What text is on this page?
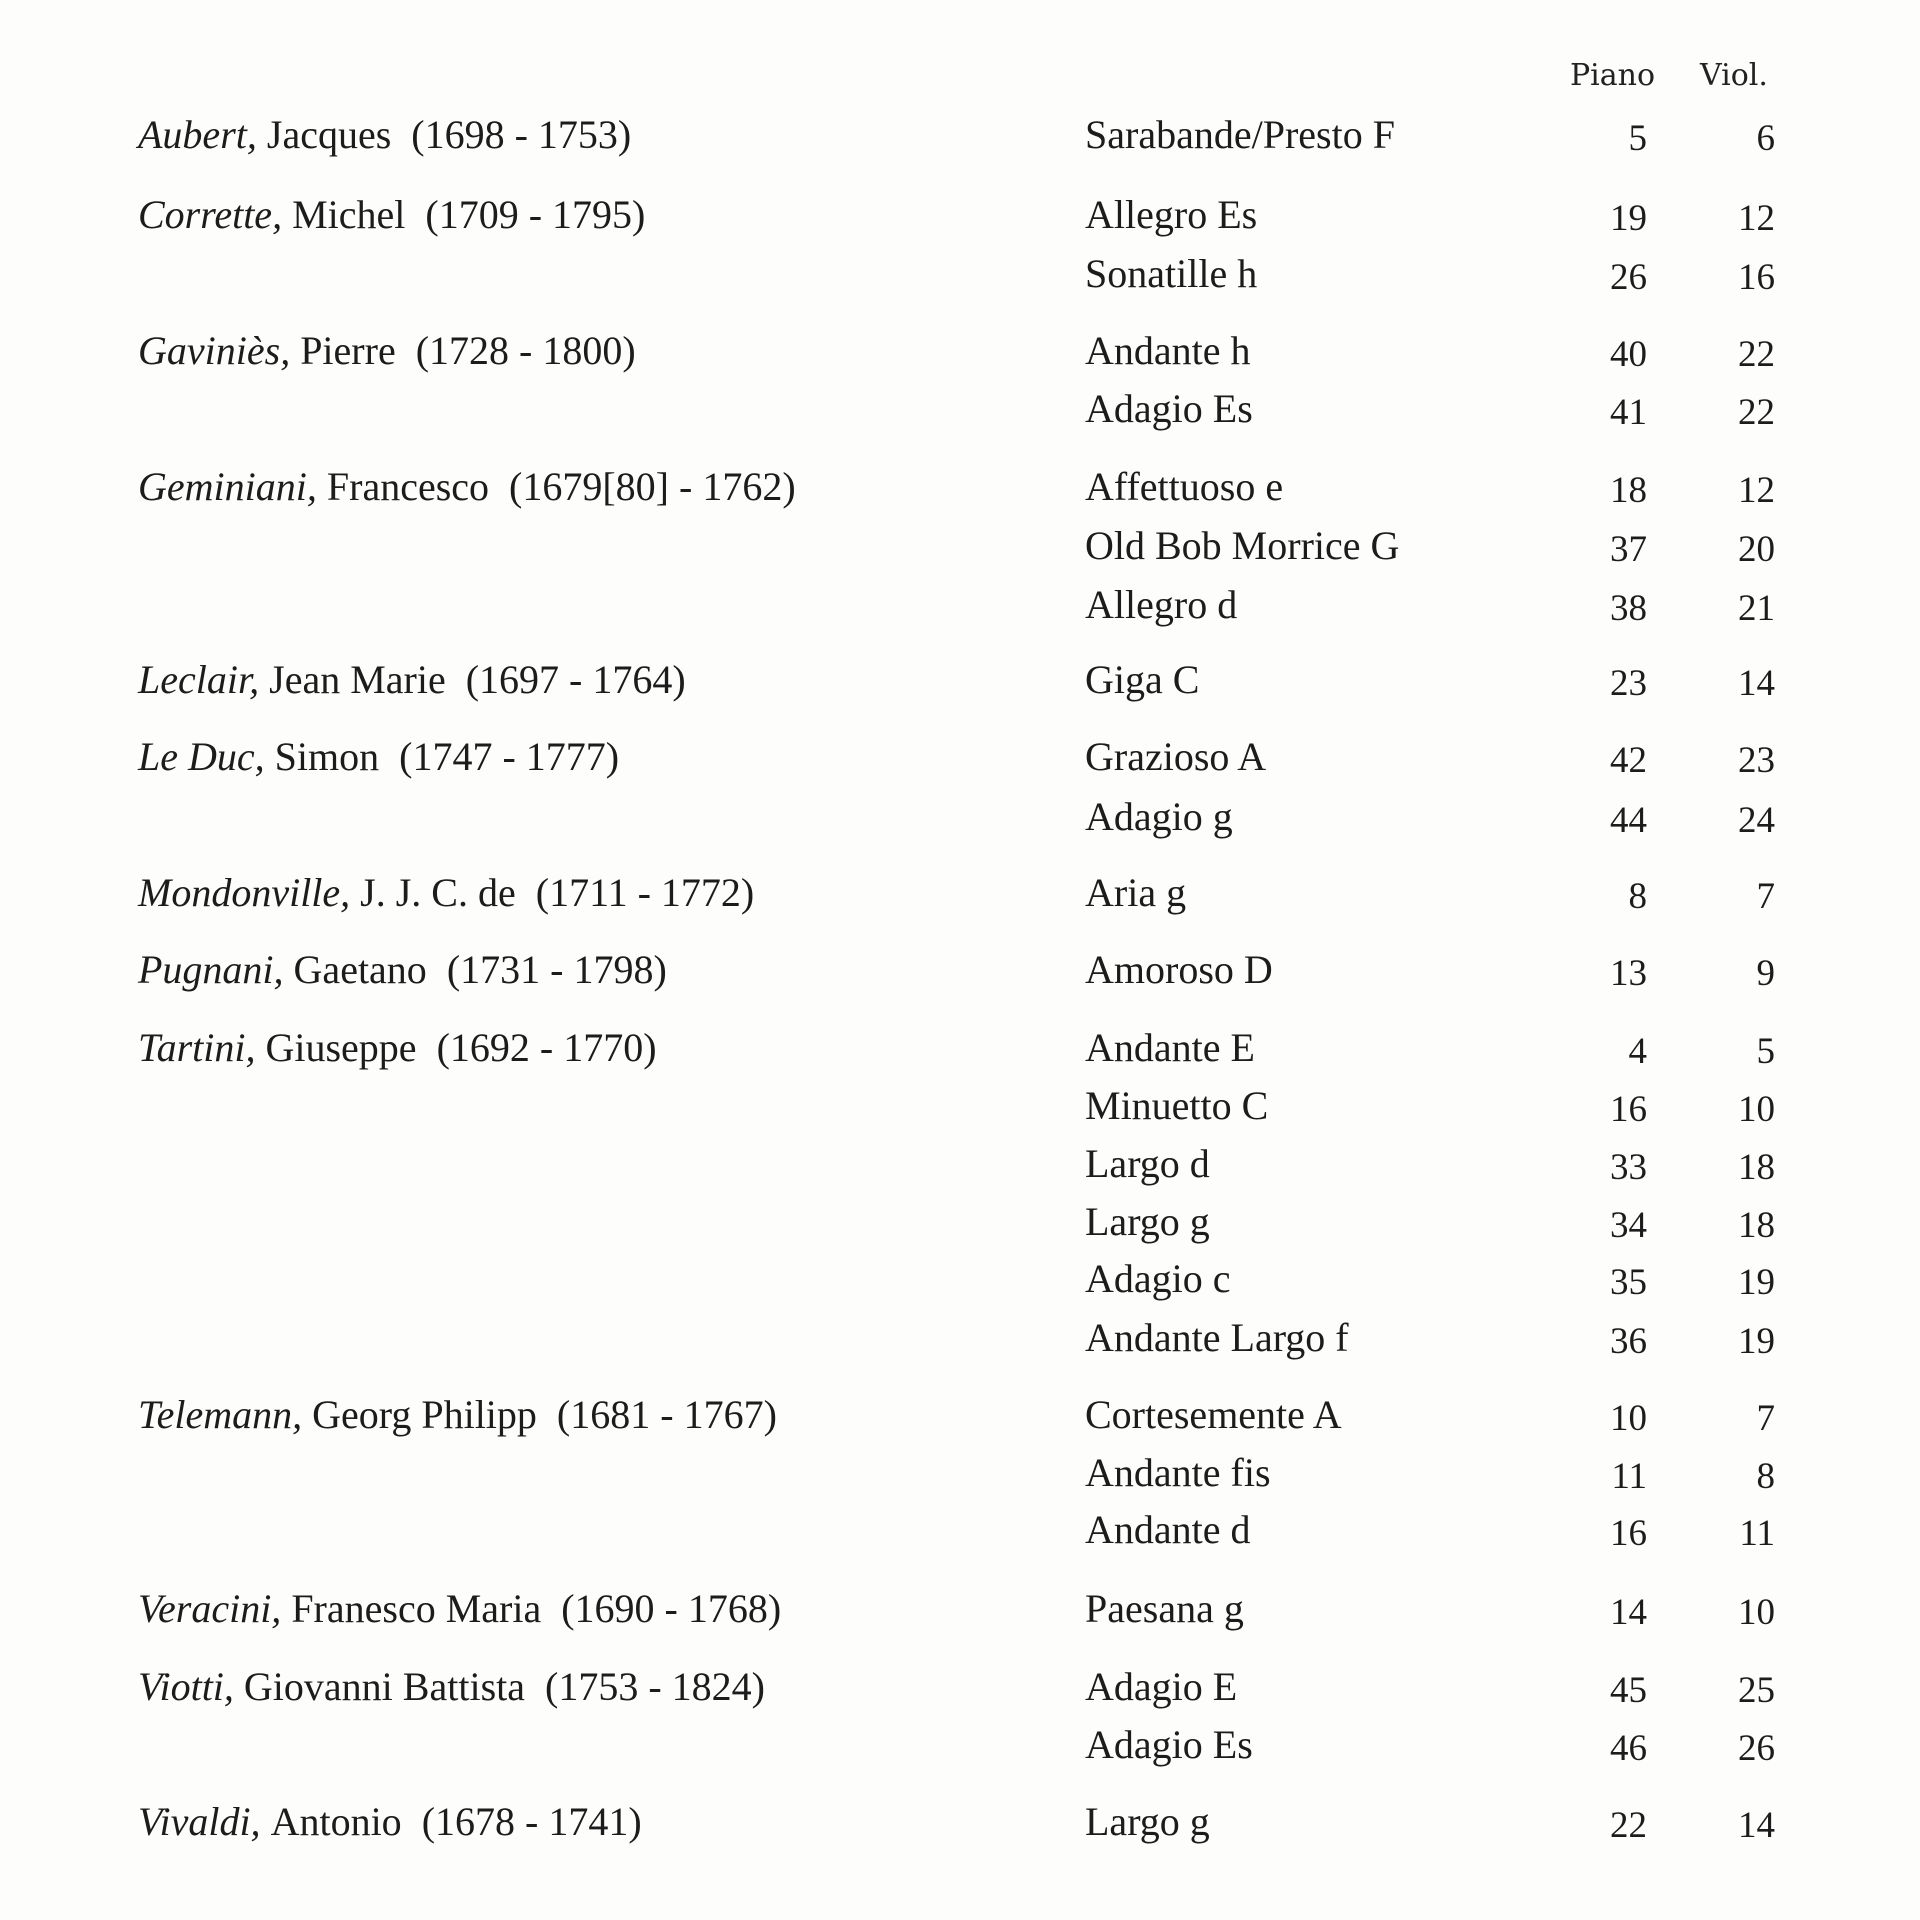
Piano Viol.
Aubert, Jacques (1698 - 1753)	Sarabande/Presto F	5	6
Corrette, Michel (1709 - 1795)	Allegro Es	19	12
Sonatille h	26	16
Gaviniès, Pierre (1728 - 1800)	Andante h	40	22
Adagio Es	41	22
Geminiani, Francesco (1679[80] - 1762)	Affettuoso e	18	12
Old Bob Morrice G	37	20
Allegro d	38	21
Leclair, Jean Marie (1697 - 1764)	Giga C	23	14
Le Duc, Simon (1747 - 1777)	Grazioso A	42	23
Adagio g	44	24
Mondonville, J. J. C. de (1711 - 1772)	Aria g	8	7
Pugnani, Gaetano (1731 - 1798)	Amoroso D	13	9
Tartini, Giuseppe (1692 - 1770)	Andante E	4	5
Minuetto C	16	10
Largo d	33	18
Largo g	34	18
Adagio c	35	19
Andante Largo f	36	19
Telemann, Georg Philipp (1681 - 1767)	Cortesemente A	10	7
Andante fis	11	8
Andante d	16	11
Veracini, Franesco Maria (1690 - 1768)	Paesana g	14	10
Viotti, Giovanni Battista (1753 - 1824)	Adagio E	45	25
Adagio Es	46	26
Vivaldi, Antonio (1678 - 1741)	Largo g	22	14
